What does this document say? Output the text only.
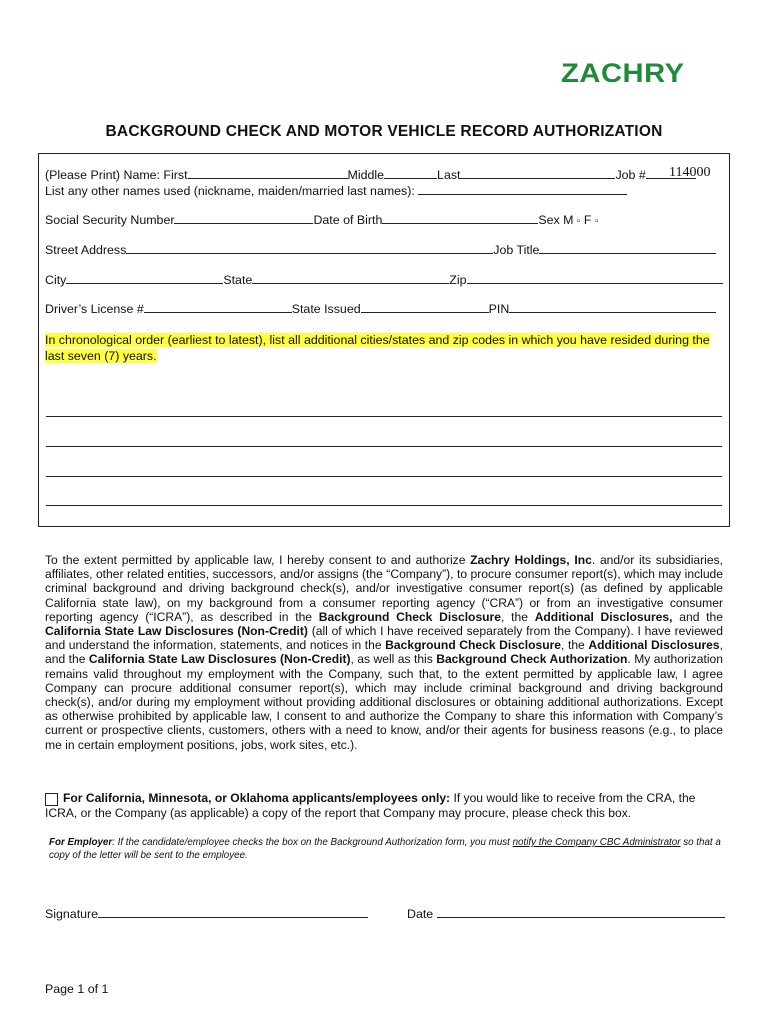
ZACHRY
BACKGROUND CHECK AND MOTOR VEHICLE RECORD AUTHORIZATION
(Please Print) Name: First	Middle	Last	Job #	114000
List any other names used (nickname, maiden/married last names):
Social Security Number	Date of Birth	Sex M ▫ F ▫
Street Address	Job Title
City	State	Zip
Driver’s License #	State Issued	PIN
In chronological order (earliest to latest), list all additional cities/states and zip codes in which you have resided during the last seven (7) years.
To the extent permitted by applicable law, I hereby consent to and authorize Zachry Holdings, Inc. and/or its subsidiaries, affiliates, other related entities, successors, and/or assigns (the “Company”), to procure consumer report(s), which may include criminal background and driving background check(s), and/or investigative consumer report(s) (as defined by applicable California state law), on my background from a consumer reporting agency (“CRA”) or from an investigative consumer reporting agency (“ICRA”), as described in the Background Check Disclosure, the Additional Disclosures, and the California State Law Disclosures (Non-Credit) (all of which I have received separately from the Company). I have reviewed and understand the information, statements, and notices in the Background Check Disclosure, the Additional Disclosures, and the California State Law Disclosures (Non-Credit), as well as this Background Check Authorization. My authorization remains valid throughout my employment with the Company, such that, to the extent permitted by applicable law, I agree Company can procure additional consumer report(s), which may include criminal background and driving background check(s), and/or during my employment without providing additional disclosures or obtaining additional authorizations. Except as otherwise prohibited by applicable law, I consent to and authorize the Company to share this information with Company’s current or prospective clients, customers, others with a need to know, and/or their agents for business reasons (e.g., to place me in certain employment positions, jobs, work sites, etc.).
For California, Minnesota, or Oklahoma applicants/employees only: If you would like to receive from the CRA, the ICRA, or the Company (as applicable) a copy of the report that Company may procure, please check this box.
For Employer: If the candidate/employee checks the box on the Background Authorization form, you must notify the Company CBC Administrator so that a copy of the letter will be sent to the employee.
Signature	Date
Page 1 of 1
